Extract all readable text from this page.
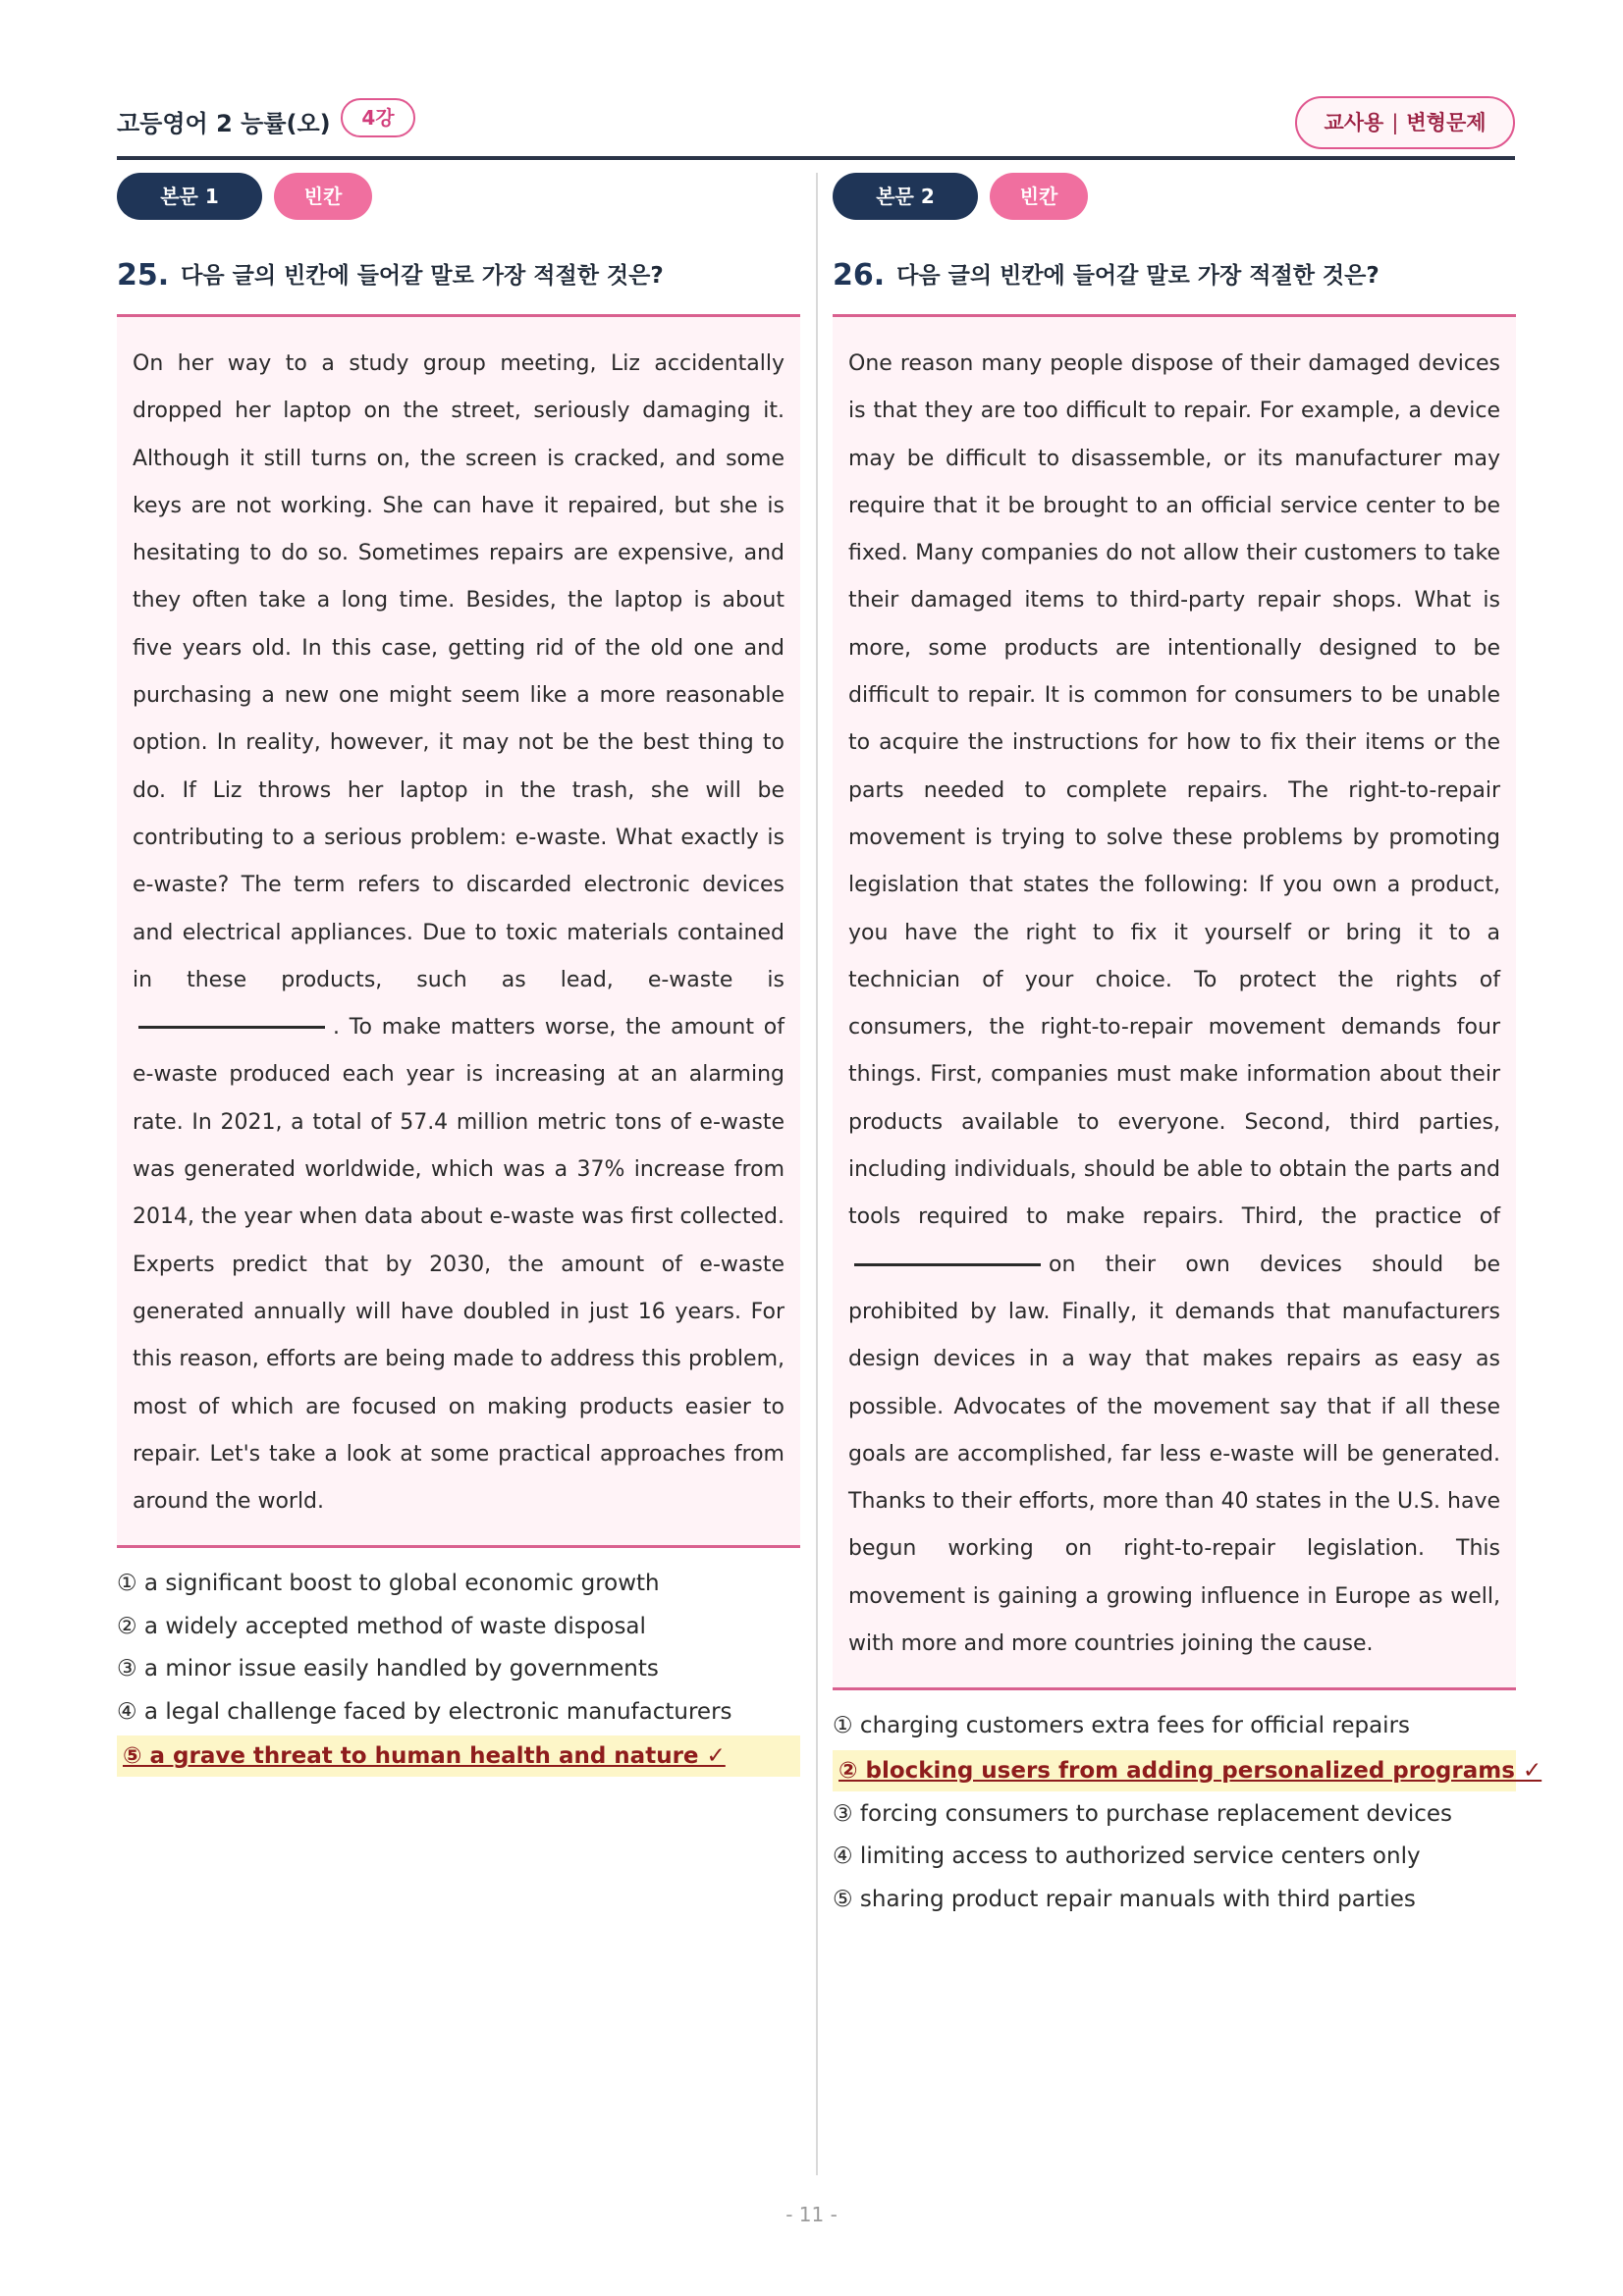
고등영어 2 능률(오)	4강	교사용 | 변형문제
본문 1	빈칸
25. 다음 글의 빈칸에 들어갈 말로 가장 적절한 것은?
On her way to a study group meeting, Liz accidentally dropped her laptop on the street, seriously damaging it. Although it still turns on, the screen is cracked, and some keys are not working. She can have it repaired, but she is hesitating to do so. Sometimes repairs are expensive, and they often take a long time. Besides, the laptop is about five years old. In this case, getting rid of the old one and purchasing a new one might seem like a more reasonable option. In reality, however, it may not be the best thing to do. If Liz throws her laptop in the trash, she will be contributing to a serious problem: e-waste. What exactly is e-waste? The term refers to discarded electronic devices and electrical appliances. Due to toxic materials contained in these products, such as lead, e-waste is . To make matters worse, the amount of e-waste produced each year is increasing at an alarming rate. In 2021, a total of 57.4 million metric tons of e-waste was generated worldwide, which was a 37% increase from 2014, the year when data about e-waste was first collected. Experts predict that by 2030, the amount of e-waste generated annually will have doubled in just 16 years. For this reason, efforts are being made to address this problem, most of which are focused on making products easier to repair. Let's take a look at some practical approaches from around the world.
① a significant boost to global economic growth
② a widely accepted method of waste disposal
③ a minor issue easily handled by governments
④ a legal challenge faced by electronic manufacturers
⑤ a grave threat to human health and nature ✓
본문 2	빈칸
26. 다음 글의 빈칸에 들어갈 말로 가장 적절한 것은?
One reason many people dispose of their damaged devices is that they are too difficult to repair. For example, a device may be difficult to disassemble, or its manufacturer may require that it be brought to an official service center to be fixed. Many companies do not allow their customers to take their damaged items to third-party repair shops. What is more, some products are intentionally designed to be difficult to repair. It is common for consumers to be unable to acquire the instructions for how to fix their items or the parts needed to complete repairs. The right-to-repair movement is trying to solve these problems by promoting legislation that states the following: If you own a product, you have the right to fix it yourself or bring it to a technician of your choice. To protect the rights of consumers, the right-to-repair movement demands four things. First, companies must make information about their products available to everyone. Second, third parties, including individuals, should be able to obtain the parts and tools required to make repairs. Third, the practice of on their own devices should be prohibited by law. Finally, it demands that manufacturers design devices in a way that makes repairs as easy as possible. Advocates of the movement say that if all these goals are accomplished, far less e-waste will be generated. Thanks to their efforts, more than 40 states in the U.S. have begun working on right-to-repair legislation. This movement is gaining a growing influence in Europe as well, with more and more countries joining the cause.
① charging customers extra fees for official repairs
② blocking users from adding personalized programs ✓
③ forcing consumers to purchase replacement devices
④ limiting access to authorized service centers only
⑤ sharing product repair manuals with third parties
- 11 -
